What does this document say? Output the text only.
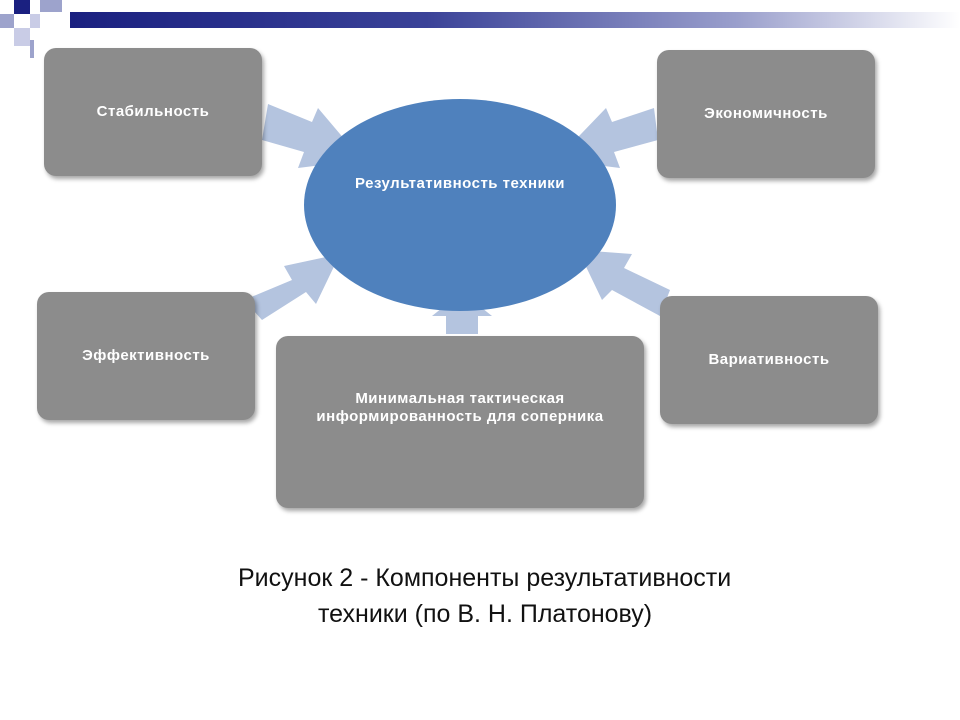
Результативность техники
Стабильность	Экономичность
Эффективность	Вариативность
Минимальная тактическая информированность для соперника
Рисунок 2 - Компоненты результативности
техники (по В. Н. Платонову)
